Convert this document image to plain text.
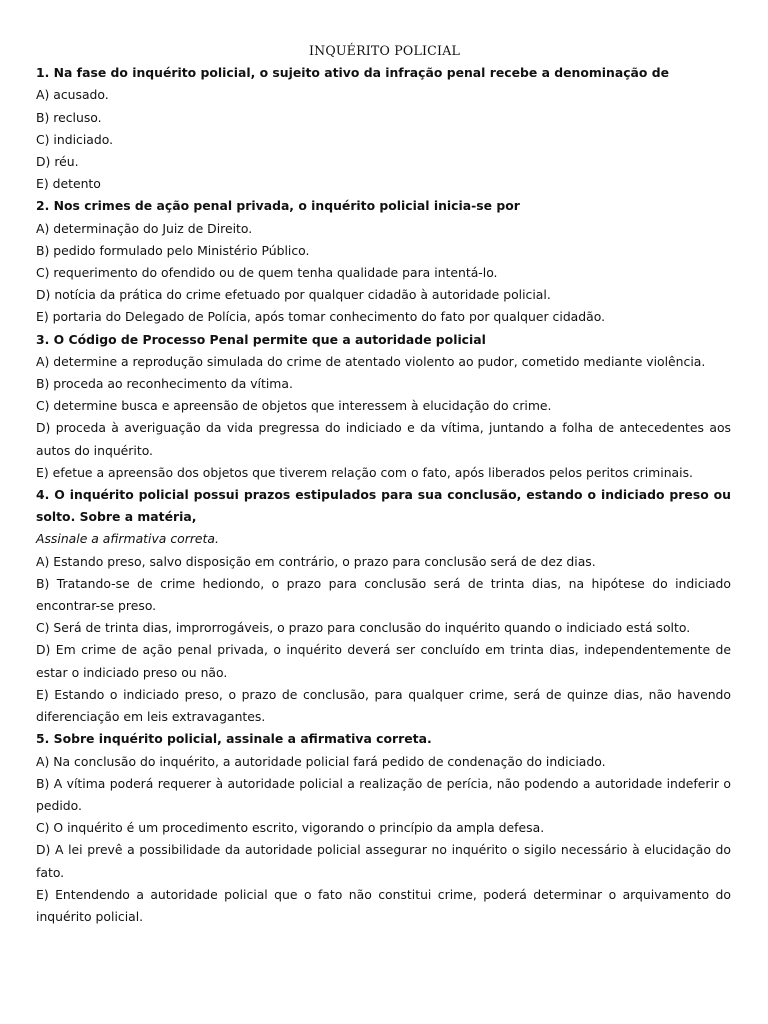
INQUÉRITO POLICIAL

1. Na fase do inquérito policial, o sujeito ativo da infração penal recebe a denominação de

A) acusado.

B) recluso.

C) indiciado.

D) réu.

E) detento

2. Nos crimes de ação penal privada, o inquérito policial inicia-se por

A) determinação do Juiz de Direito.

B) pedido formulado pelo Ministério Público.

C) requerimento do ofendido ou de quem tenha qualidade para intentá-lo.

D) notícia da prática do crime efetuado por qualquer cidadão à autoridade policial.

E) portaria do Delegado de Polícia, após tomar conhecimento do fato por qualquer cidadão.

3. O Código de Processo Penal permite que a autoridade policial

A) determine a reprodução simulada do crime de atentado violento ao pudor, cometido mediante violência.

B) proceda ao reconhecimento da vítima.

C) determine busca e apreensão de objetos que interessem à elucidação do crime.

D) proceda à averiguação da vida pregressa do indiciado e da vítima, juntando a folha de antecedentes aos autos do inquérito.

E) efetue a apreensão dos objetos que tiverem relação com o fato, após liberados pelos peritos criminais.

4. O inquérito policial possui prazos estipulados para sua conclusão, estando o indiciado preso ou solto. Sobre a matéria,

Assinale a afirmativa correta.

A) Estando preso, salvo disposição em contrário, o prazo para conclusão será de dez dias.

B) Tratando-se de crime hediondo, o prazo para conclusão será de trinta dias, na hipótese do indiciado encontrar-se preso.

C) Será de trinta dias, improrrogáveis, o prazo para conclusão do inquérito quando o indiciado está solto.

D) Em crime de ação penal privada, o inquérito deverá ser concluído em trinta dias, independentemente de estar o indiciado preso ou não.

E) Estando o indiciado preso, o prazo de conclusão, para qualquer crime, será de quinze dias, não havendo diferenciação em leis extravagantes.

5. Sobre inquérito policial, assinale a afirmativa correta.

A) Na conclusão do inquérito, a autoridade policial fará pedido de condenação do indiciado.

B) A vítima poderá requerer à autoridade policial a realização de perícia, não podendo a autoridade indeferir o pedido.

C) O inquérito é um procedimento escrito, vigorando o princípio da ampla defesa.

D) A lei prevê a possibilidade da autoridade policial assegurar no inquérito o sigilo necessário à elucidação do fato.

E) Entendendo a autoridade policial que o fato não constitui crime, poderá determinar o arquivamento do inquérito policial.
